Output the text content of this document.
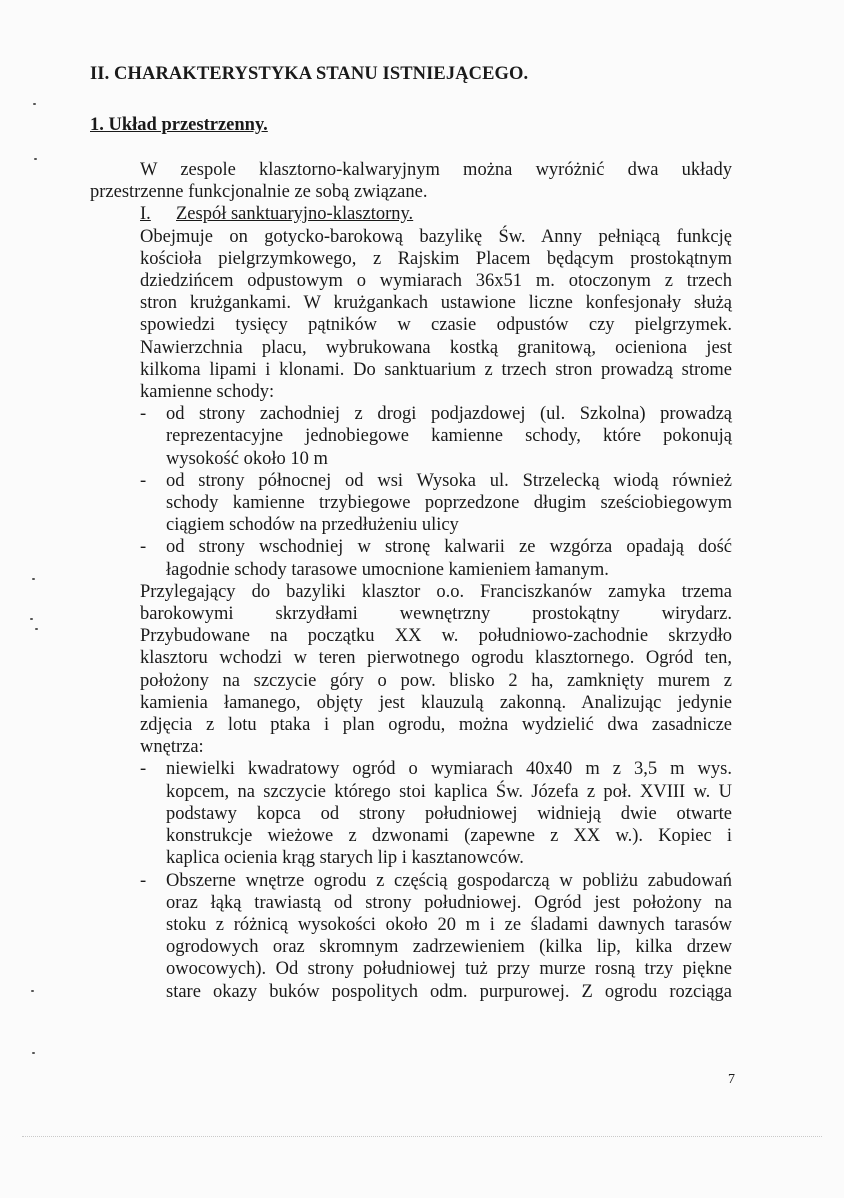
II. CHARAKTERYSTYKA STANU ISTNIEJĄCEGO.
1. Układ przestrzenny.

W zespole klasztorno-kalwaryjnym można wyróżnić dwa układy

przestrzenne funkcjonalnie ze sobą związane.

I. Zespół sanktuaryjno-klasztorny.

Obejmuje on gotycko-barokową bazylikę Św. Anny pełniącą funkcję

kościoła pielgrzymkowego, z Rajskim Placem będącym prostokątnym

dziedzińcem odpustowym o wymiarach 36x51 m. otoczonym z trzech

stron krużgankami. W krużgankach ustawione liczne konfesjonały służą

spowiedzi tysięcy pątników w czasie odpustów czy pielgrzymek.

Nawierzchnia placu, wybrukowana kostką granitową, ocieniona jest

kilkoma lipami i klonami. Do sanktuarium z trzech stron prowadzą strome

kamienne schody:

- od strony zachodniej z drogi podjazdowej (ul. Szkolna) prowadzą

reprezentacyjne jednobiegowe kamienne schody, które pokonują

wysokość około 10 m

- od strony północnej od wsi Wysoka ul. Strzelecką wiodą również

schody kamienne trzybiegowe poprzedzone długim sześciobiegowym

ciągiem schodów na przedłużeniu ulicy

- od strony wschodniej w stronę kalwarii ze wzgórza opadają dość

łagodnie schody tarasowe umocnione kamieniem łamanym.

Przylegający do bazyliki klasztor o.o. Franciszkanów zamyka trzema

barokowymi skrzydłami wewnętrzny prostokątny wirydarz.

Przybudowane na początku XX w. południowo-zachodnie skrzydło

klasztoru wchodzi w teren pierwotnego ogrodu klasztornego. Ogród ten,

położony na szczycie góry o pow. blisko 2 ha, zamknięty murem z

kamienia łamanego, objęty jest klauzulą zakonną. Analizując jedynie

zdjęcia z lotu ptaka i plan ogrodu, można wydzielić dwa zasadnicze

wnętrza:

- niewielki kwadratowy ogród o wymiarach 40x40 m z 3,5 m wys.

kopcem, na szczycie którego stoi kaplica Św. Józefa z poł. XVIII w. U

podstawy kopca od strony południowej widnieją dwie otwarte

konstrukcje wieżowe z dzwonami (zapewne z XX w.). Kopiec i

kaplica ocienia krąg starych lip i kasztanowców.

- Obszerne wnętrze ogrodu z częścią gospodarczą w pobliżu zabudowań

oraz łąką trawiastą od strony południowej. Ogród jest położony na

stoku z różnicą wysokości około 20 m i ze śladami dawnych tarasów

ogrodowych oraz skromnym zadrzewieniem (kilka lip, kilka drzew

owocowych). Od strony południowej tuż przy murze rosną trzy piękne

stare okazy buków pospolitych odm. purpurowej. Z ogrodu rozciąga

7
